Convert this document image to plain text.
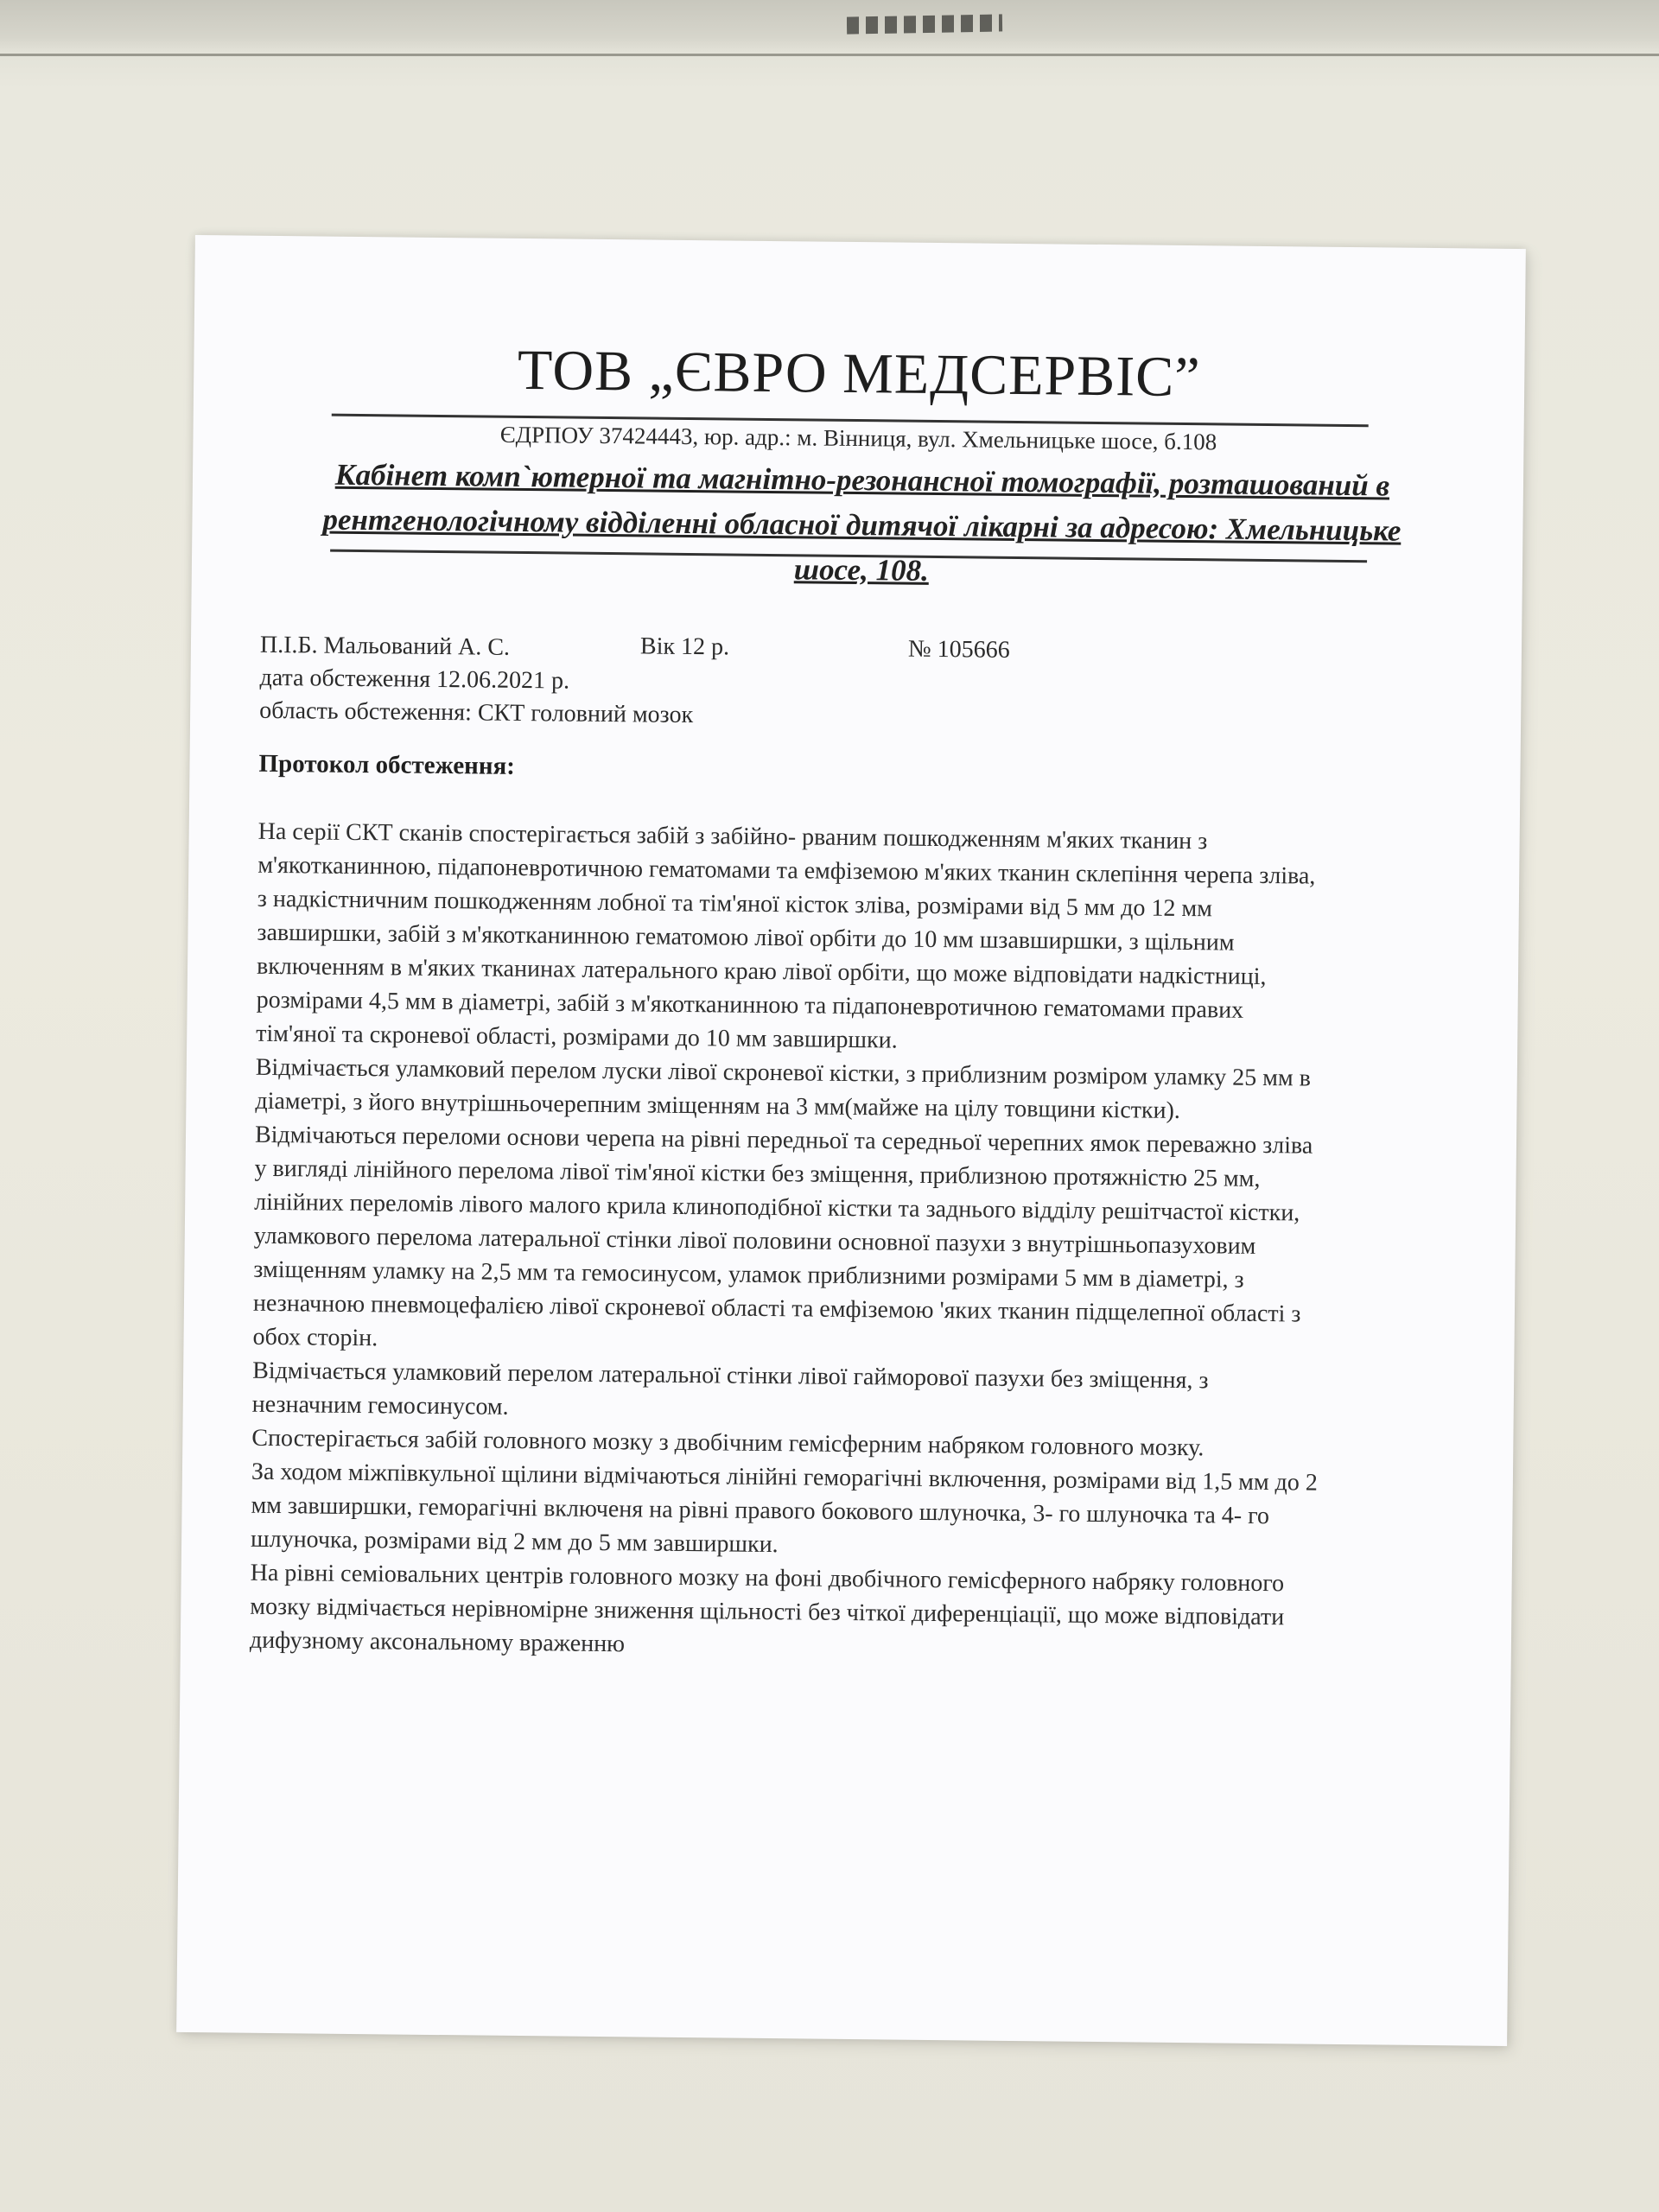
ТОВ „ЄВРО МЕДСЕРВІС”
ЄДРПОУ 37424443, юр. адр.: м. Вінниця, вул. Хмельницьке шосе, б.108
Кабінет комп`ютерної та магнітно-резонансної томографії, розташований в рентгенологічному відділенні обласної дитячої лікарні за адресою: Хмельницьке шосе, 108.
П.І.Б. Мальований А. С.
дата обстеження 12.06.2021 р.
область обстеження: СКТ головний мозок
Вік 12 р.	№ 105666
Протокол обстеження:

На серії СКТ сканів спостерігається забій з забійно- рваним пошкодженням м'яких тканин з м'якотканинною, підапоневротичною гематомами та емфіземою м'яких тканин склепіння черепа зліва, з надкістничним пошкодженням лобної та тім'яної кісток зліва, розмірами від 5 мм до 12 мм завширшки, забій з м'якотканинною гематомою лівої орбіти до 10 мм шзавширшки, з щільним включенням в м'яких тканинах латерального краю лівої орбіти, що може відповідати надкістниці, розмірами 4,5 мм в діаметрі, забій з м'якотканинною та підапоневротичною гематомами правих тім'яної та скроневої області, розмірами до 10 мм завширшки.

Відмічається уламковий перелом луски лівої скроневої кістки, з приблизним розміром уламку 25 мм в діаметрі, з його внутрішньочерепним зміщенням на 3 мм(майже на цілу товщини кістки).

Відмічаються переломи основи черепа на рівні передньої та середньої черепних ямок переважно зліва у вигляді лінійного перелома лівої тім'яної кістки без зміщення, приблизною протяжністю 25 мм, лінійних переломів лівого малого крила клиноподібної кістки та заднього відділу решітчастої кістки, уламкового перелома латеральної стінки лівої половини основної пазухи з внутрішньопазуховим зміщенням уламку на 2,5 мм та гемосинусом, уламок приблизними розмірами 5 мм в діаметрі, з незначною пневмоцефалією лівої скроневої області та емфіземою 'яких тканин підщелепної області з обох сторін.

Відмічається уламковий перелом латеральної стінки лівої гайморової пазухи без зміщення, з незначним гемосинусом.

Спостерігається забій головного мозку з двобічним гемісферним набряком головного мозку.

За ходом міжпівкульної щілини відмічаються лінійні геморагічні включення, розмірами від 1,5 мм до 2 мм завширшки, геморагічні включеня на рівні правого бокового шлуночка, 3- го шлуночка та 4- го шлуночка, розмірами від 2 мм до 5 мм завширшки.

На рівні семіовальних центрів головного мозку на фоні двобічного гемісферного набряку головного мозку відмічається нерівномірне зниження щільності без чіткої диференціації, що може відповідати дифузному аксональному враженню
